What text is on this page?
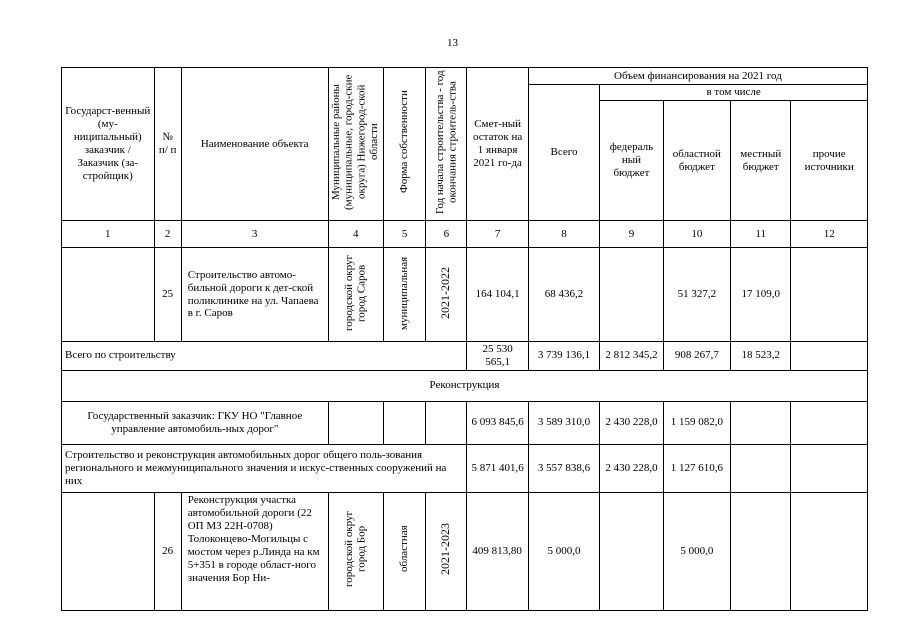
13
Государст-венный (му-ниципальный) заказчик / Заказчик (за-стройщик)	№ п/ п	Наименование объекта	Муниципальные районы (муниципальные, город-ские округа) Нижегород-ской области	Форма собственности	Год начала строительства - год окончания строитель-ства	Смет-ный остаток на 1 января 2021 го-да	Объем финансирования на 2021 год				
							Всего	в том числе			
								федераль ный бюджет	областной бюджет	местный бюджет	прочие источники
1	2	3	4	5	6	7	8	9	10	11	12
	25	Строительство автомо-бильной дороги к дет-ской поликлинике на ул. Чапаева в г. Саров	городской округ город Саров	муниципальная	2021-2022	164 104,1	68 436,2		51 327,2	17 109,0	
Всего по строительству						25 530 565,1	3 739 136,1	2 812 345,2	908 267,7	18 523,2	
Реконструкция											
Государственный заказчик: ГКУ НО "Главное управление автомобиль-ных дорог"						6 093 845,6	3 589 310,0	2 430 228,0	1 159 082,0		
Строительство и реконструкция автомобильных дорог общего поль-зования регионального и межмуниципального значения и искус-ственных сооружений на них						5 871 401,6	3 557 838,6	2 430 228,0	1 127 610,6		
	26	Реконструкция участка автомобильной дороги (22 ОП МЗ 22Н-0708) Толоконцево-Могильцы с мостом через р.Линда на км 5+351 в городе област-ного значения Бор Ни-	городской округ город Бор	областная	2021-2023	409 813,80	5 000,0		5 000,0		
